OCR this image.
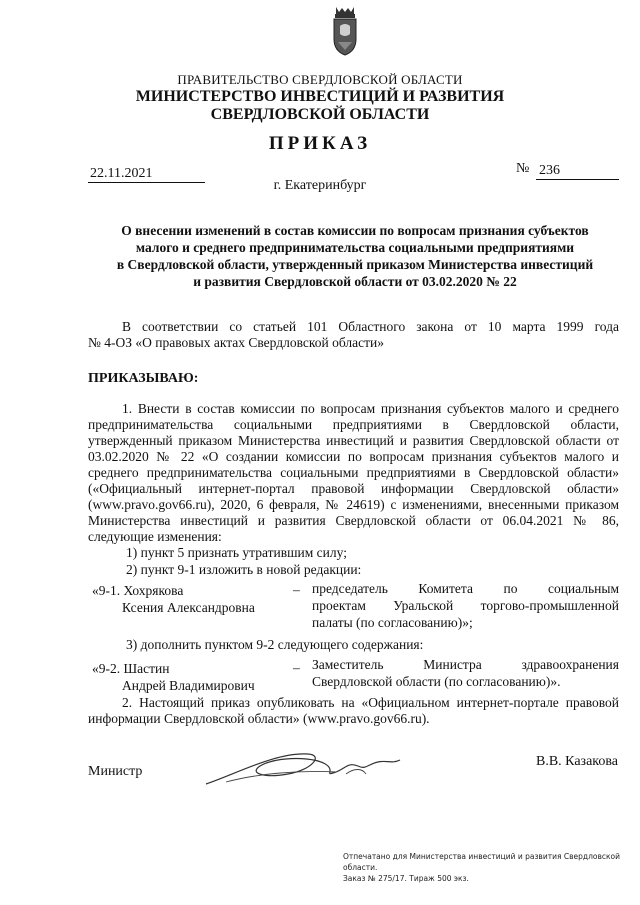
ПРАВИТЕЛЬСТВО СВЕРДЛОВСКОЙ ОБЛАСТИ
МИНИСТЕРСТВО ИНВЕСТИЦИЙ И РАЗВИТИЯ
СВЕРДЛОВСКОЙ ОБЛАСТИ
ПРИКАЗ
22.11.2021	№ 236
г. Екатеринбург
О внесении изменений в состав комиссии по вопросам признания субъектов
малого и среднего предпринимательства социальными предприятиями
в Свердловской области, утвержденный приказом Министерства инвестиций
и развития Свердловской области от 03.02.2020 № 22
В соответствии со статьей 101 Областного закона от 10 марта 1999 года
№ 4-ОЗ «О правовых актах Свердловской области»
ПРИКАЗЫВАЮ:
1. Внести в состав комиссии по вопросам признания субъектов малого и среднего предпринимательства социальными предприятиями в Свердловской области, утвержденный приказом Министерства инвестиций и развития Свердловской области от 03.02.2020 № 22 «О создании комиссии по вопросам признания субъектов малого и среднего предпринимательства социальными предприятиями в Свердловской области» («Официальный интернет-портал правовой информации Свердловской области» (www.pravo.gov66.ru), 2020, 6 февраля, № 24619) с изменениями, внесенными приказом Министерства инвестиций и развития Свердловской области от 06.04.2021 № 86, следующие изменения:
1) пункт 5 признать утратившим силу;
2) пункт 9-1 изложить в новой редакции:
«9-1. Хохрякова
Ксения Александровна
– председатель Комитета по социальным
проектам Уральской торгово-промышленной
палаты (по согласованию)»;
3) дополнить пунктом 9-2 следующего содержания:
«9-2. Шастин
Андрей Владимирович
– Заместитель Министра здравоохранения
Свердловской области (по согласованию)».
2. Настоящий приказ опубликовать на «Официальном интернет-портале правовой информации Свердловской области» (www.pravo.gov66.ru).
Министр
В.В. Казакова
Отпечатано для Министерства инвестиций и развития Свердловской области.
Заказ № 275/17. Тираж 500 экз.
